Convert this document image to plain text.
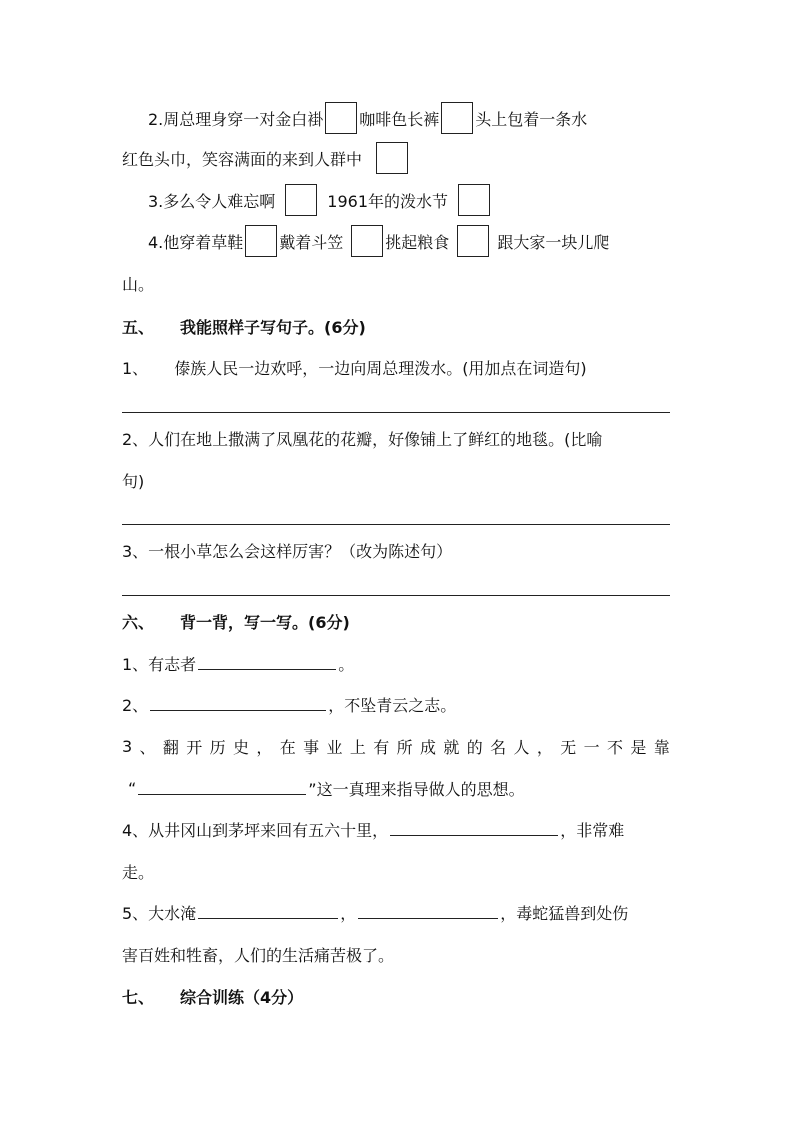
2.周总理身穿一对金白褂 咖啡色长裤 头上包着一条水
红色头巾，笑容满面的来到人群中
3.多么令人难忘啊	1961年的泼水节
4.他穿着草鞋 戴着斗笠	挑起粮食	跟大家一块儿爬
山。
五、 我能照样子写句子。(6分)
1、 傣族人民一边欢呼，一边向周总理泼水。(用加点在词造句)
2、人们在地上撒满了凤凰花的花瓣，好像铺上了鲜红的地毯。(比喻
句)
3、一根小草怎么会这样厉害？（改为陈述句）
六、 背一背，写一写。(6分)
1、有志者	。
2、	，不坠青云之志。
3 、 翻 开 历 史 ， 在 事 业 上 有 所 成 就 的 名 人 ， 无 一 不 是 靠
“	”这一真理来指导做人的思想。
4、从井冈山到茅坪来回有五六十里，	，非常难
走。
5、大水淹	，	，毒蛇猛兽到处伤
害百姓和牲畜，人们的生活痛苦极了。
七、 综合训练（4分）
